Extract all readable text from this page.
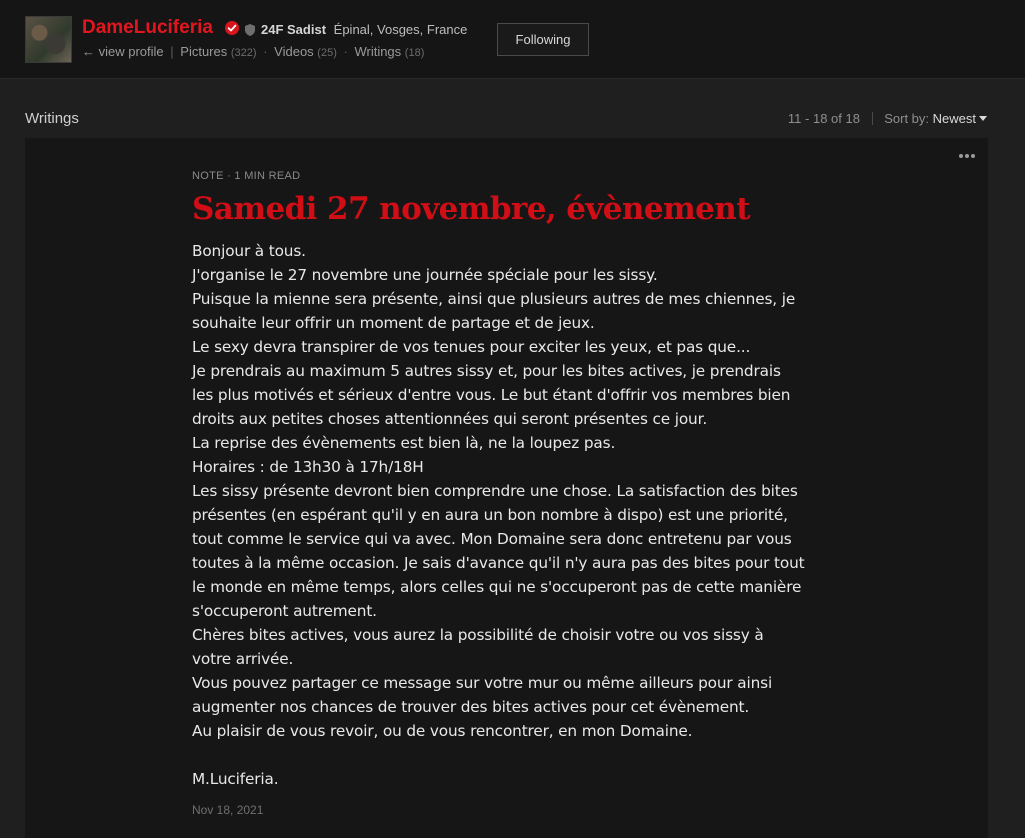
DameLuciferia	24F Sadist Épinal, Vosges, France
← view profile | Pictures (322) · Videos (25) · Writings (18)
Following
Writings	11 - 18 of 18 Sort by: Newest
NOTE · 1 MIN READ
Samedi 27 novembre, évènement
Bonjour à tous.
J'organise le 27 novembre une journée spéciale pour les sissy.
Puisque la mienne sera présente, ainsi que plusieurs autres de mes chiennes, je
souhaite leur offrir un moment de partage et de jeux.
Le sexy devra transpirer de vos tenues pour exciter les yeux, et pas que...
Je prendrais au maximum 5 autres sissy et, pour les bites actives, je prendrais
les plus motivés et sérieux d'entre vous. Le but étant d'offrir vos membres bien
droits aux petites choses attentionnées qui seront présentes ce jour.
La reprise des évènements est bien là, ne la loupez pas.
Horaires : de 13h30 à 17h/18H
Les sissy présente devront bien comprendre une chose. La satisfaction des bites
présentes (en espérant qu'il y en aura un bon nombre à dispo) est une priorité,
tout comme le service qui va avec. Mon Domaine sera donc entretenu par vous
toutes à la même occasion. Je sais d'avance qu'il n'y aura pas des bites pour tout
le monde en même temps, alors celles qui ne s'occuperont pas de cette manière
s'occuperont autrement.
Chères bites actives, vous aurez la possibilité de choisir votre ou vos sissy à
votre arrivée.
Vous pouvez partager ce message sur votre mur ou même ailleurs pour ainsi
augmenter nos chances de trouver des bites actives pour cet évènement.
Au plaisir de vous revoir, ou de vous rencontrer, en mon Domaine.
M.Luciferia.
Nov 18, 2021
